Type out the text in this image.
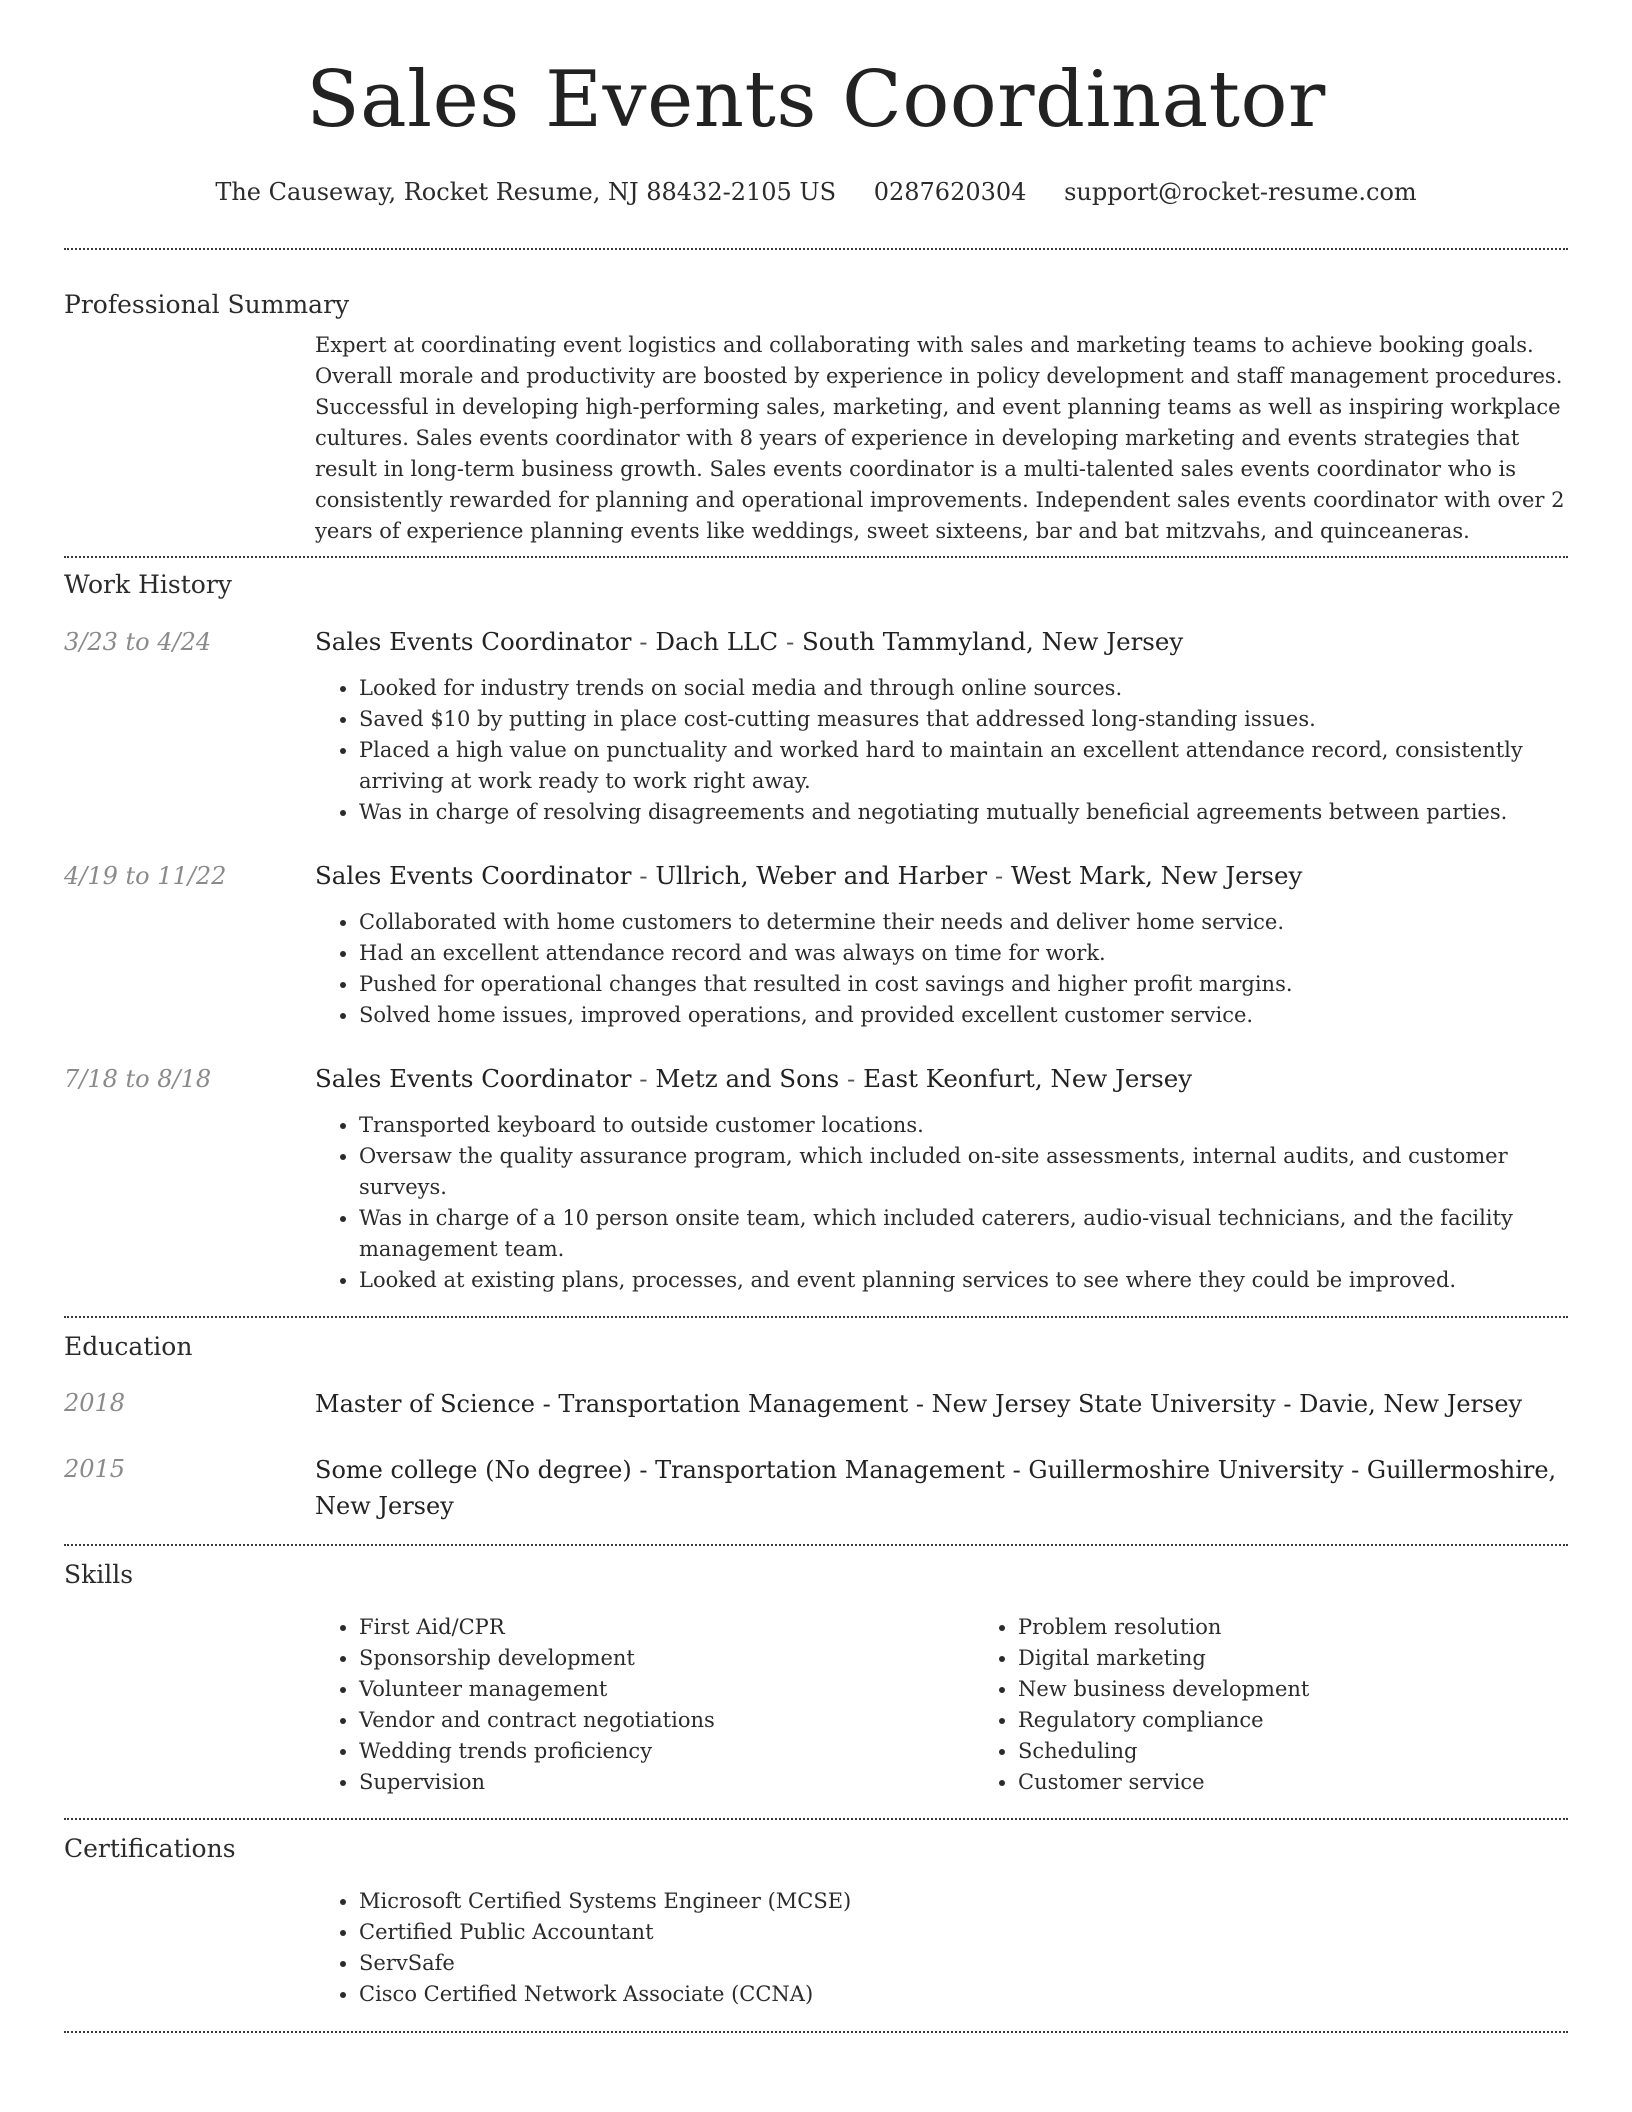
Sales Events Coordinator
The Causeway, Rocket Resume, NJ 88432-2105 US 0287620304 support@rocket-resume.com
Professional Summary

Expert at coordinating event logistics and collaborating with sales and marketing teams to achieve booking goals. Overall morale and productivity are boosted by experience in policy development and staff management procedures. Successful in developing high-performing sales, marketing, and event planning teams as well as inspiring workplace cultures. Sales events coordinator with 8 years of experience in developing marketing and events strategies that result in long-term business growth. Sales events coordinator is a multi-talented sales events coordinator who is consistently rewarded for planning and operational improvements. Independent sales events coordinator with over 2 years of experience planning events like weddings, sweet sixteens, bar and bat mitzvahs, and quinceaneras.

Work History
3/23 to 4/24	Sales Events Coordinator - Dach LLC - South Tammyland, New Jersey
• Looked for industry trends on social media and through online sources.
• Saved $10 by putting in place cost-cutting measures that addressed long-standing issues.
• Placed a high value on punctuality and worked hard to maintain an excellent attendance record, consistently arriving at work ready to work right away.
• Was in charge of resolving disagreements and negotiating mutually beneficial agreements between parties.
4/19 to 11/22	Sales Events Coordinator - Ullrich, Weber and Harber - West Mark, New Jersey
• Collaborated with home customers to determine their needs and deliver home service.
• Had an excellent attendance record and was always on time for work.
• Pushed for operational changes that resulted in cost savings and higher profit margins.
• Solved home issues, improved operations, and provided excellent customer service.
7/18 to 8/18	Sales Events Coordinator - Metz and Sons - East Keonfurt, New Jersey
• Transported keyboard to outside customer locations.
• Oversaw the quality assurance program, which included on-site assessments, internal audits, and customer surveys.
• Was in charge of a 10 person onsite team, which included caterers, audio-visual technicians, and the facility management team.
• Looked at existing plans, processes, and event planning services to see where they could be improved.
Education
2018	Master of Science - Transportation Management - New Jersey State University - Davie, New Jersey
2015	Some college (No degree) - Transportation Management - Guillermoshire University - Guillermoshire, New Jersey
Skills
• First Aid/CPR
• Sponsorship development
• Volunteer management
• Vendor and contract negotiations
• Wedding trends proficiency
• Supervision
• Problem resolution
• Digital marketing
• New business development
• Regulatory compliance
• Scheduling
• Customer service
Certifications
• Microsoft Certified Systems Engineer (MCSE)
• Certified Public Accountant
• ServSafe
• Cisco Certified Network Associate (CCNA)
